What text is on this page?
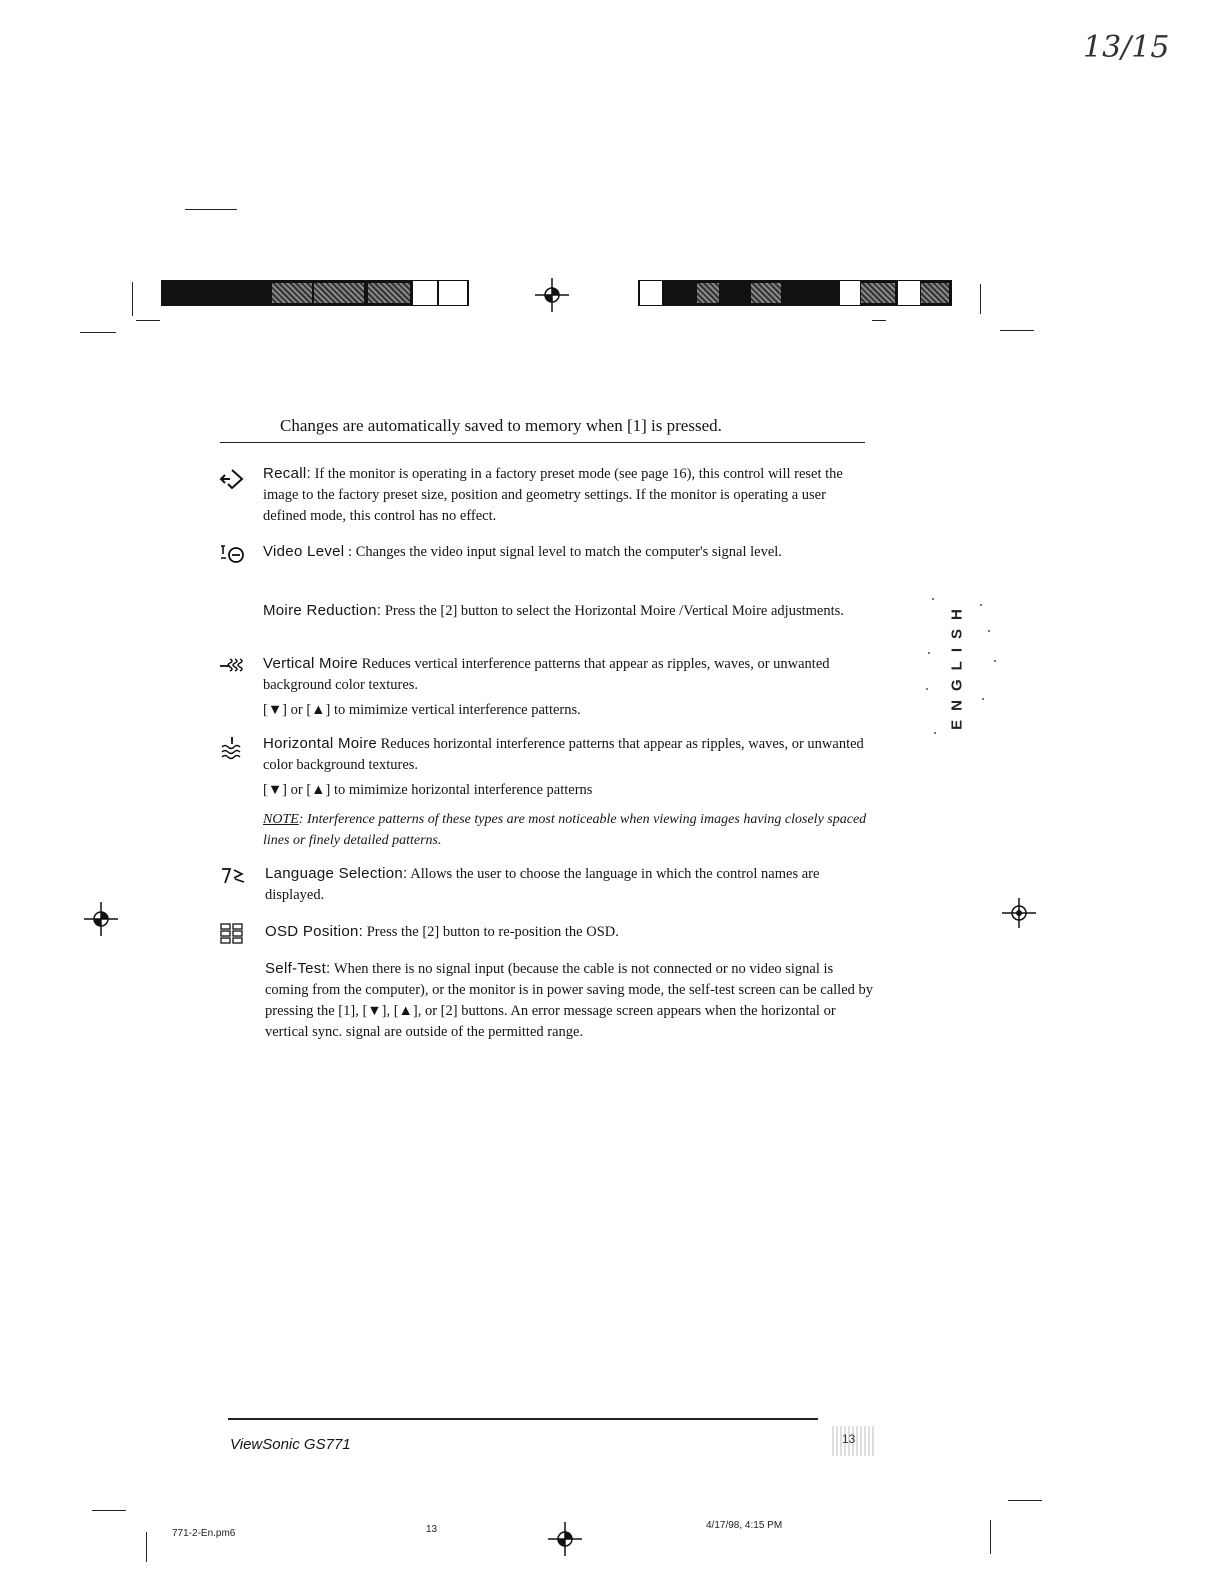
13/15
Changes are automatically saved to memory when [1] is pressed.
Recall: If the monitor is operating in a factory preset mode (see page 16), this control will reset the image to the factory preset size, position and geometry settings. If the monitor is operating a user defined mode, this control has no effect.
Video Level : Changes the video input signal level to match the computer's signal level.
Moire Reduction: Press the [2] button to select the Horizontal Moire /Vertical Moire adjustments.
Vertical Moire Reduces vertical interference patterns that appear as ripples, waves, or unwanted background color textures.
[▼] or [▲] to mimimize vertical interference patterns.
Horizontal Moire Reduces horizontal interference patterns that appear as ripples, waves, or unwanted color background textures.
[▼] or [▲] to mimimize horizontal interference patterns
NOTE: Interference patterns of these types are most noticeable when viewing images having closely spaced lines or finely detailed patterns.
Language Selection: Allows the user to choose the language in which the control names are displayed.
OSD Position: Press the [2] button to re-position the OSD.
Self-Test: When there is no signal input (because the cable is not connected or no video signal is coming from the computer), or the monitor is in power saving mode, the self-test screen can be called by pressing the [1], [▼], [▲], or [2] buttons. An error message screen appears when the horizontal or vertical sync. signal are outside of the permitted range.
ENGLISH
ViewSonic GS771	13
771-2-En.pm6	13	4/17/98, 4:15 PM
